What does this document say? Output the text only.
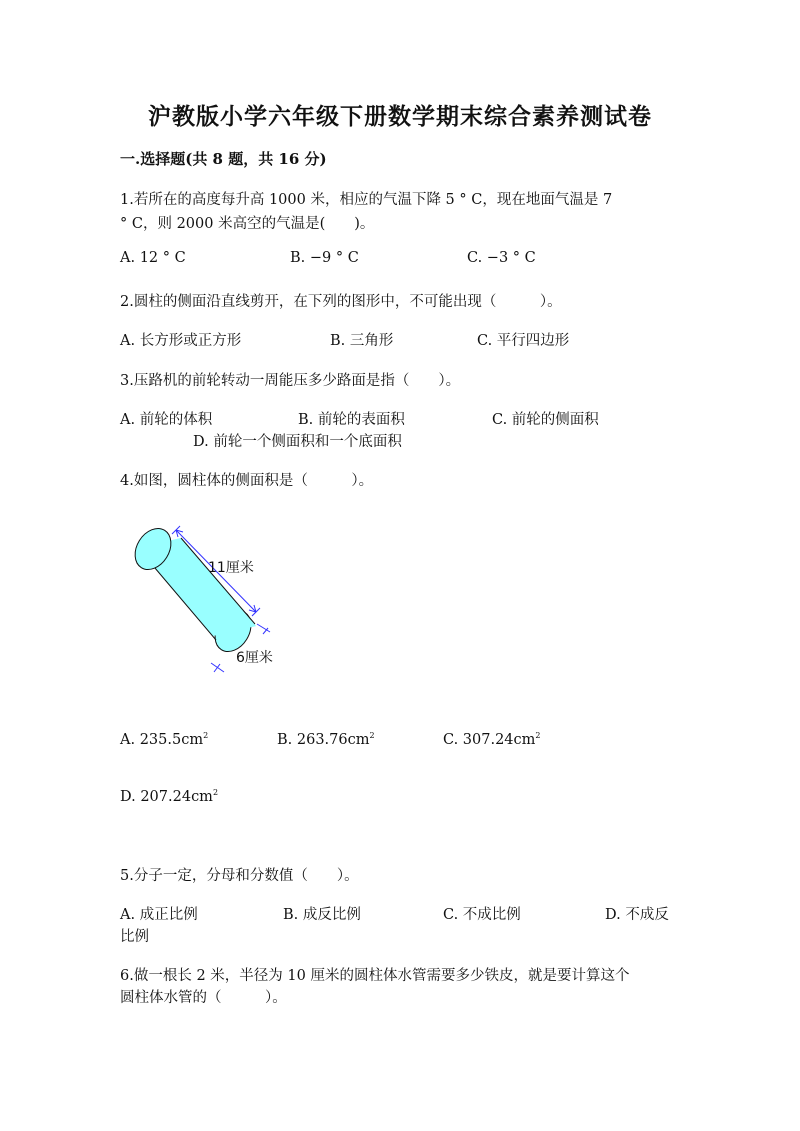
沪教版小学六年级下册数学期末综合素养测试卷
一.选择题(共 8 题，共 16 分)
1.若所在的高度每升高 1000 米，相应的气温下降 5 ° C，现在地面气温是 7
° C，则 2000 米高空的气温是(　　)。
A. 12 ° C	B. −9 ° C	C. −3 ° C
2.圆柱的侧面沿直线剪开，在下列的图形中，不可能出现（　　　）。
A. 长方形或正方形	B. 三角形	C. 平行四边形
3.压路机的前轮转动一周能压多少路面是指（　　）。
A. 前轮的体积	B. 前轮的表面积	C. 前轮的侧面积
D. 前轮一个侧面积和一个底面积
4.如图，圆柱体的侧面积是（　　　）。
11厘米
6厘米
A. $235.5cm^2$	B. $263.76cm^2$	C. $307.24cm^2$
D. $207.24cm^2$
5.分子一定，分母和分数值（　　）。
A. 成正比例	B. 成反比例	C. 不成比例	D. 不成反
比例
6.做一根长 2 米，半径为 10 厘米的圆柱体水管需要多少铁皮，就是要计算这个
圆柱体水管的（　　　）。
